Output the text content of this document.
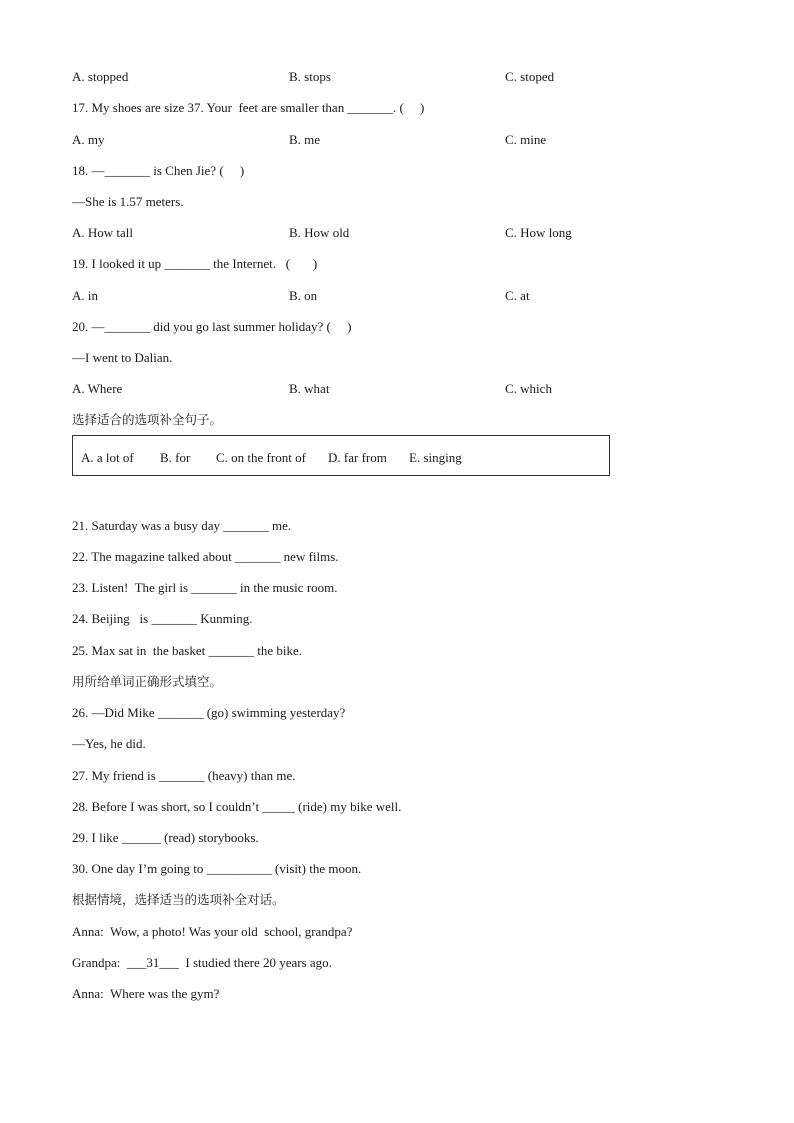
A. stopped	B. stops	C. stoped
17. My shoes are size 37. Your  feet are smaller than _______. (     )
A. my	B. me	C. mine
18. —_______ is Chen Jie? (     )
—She is 1.57 meters.
A. How tall	B. How old	C. How long
19. I looked it up _______ the Internet.   (       )
A. in	B. on	C. at
20. —_______ did you go last summer holiday? (     )
—I went to Dalian.
A. Where	B. what	C. which
选择适合的选项补全句子。
A. a lot of B. for C. on the front of D. far from E. singing
21. Saturday was a busy day _______ me.
22. The magazine talked about _______ new films.
23. Listen!  The girl is _______ in the music room.
24. Beijing   is _______ Kunming.
25. Max sat in  the basket _______ the bike.
用所给单词正确形式填空。
26. —Did Mike _______ (go) swimming yesterday?
—Yes, he did.
27. My friend is _______ (heavy) than me.
28. Before I was short, so I couldn’t _____ (ride) my bike well.
29. I like ______ (read) storybooks.
30. One day I’m going to __________ (visit) the moon.
根据情境，选择适当的选项补全对话。
Anna:  Wow, a photo! Was your old  school, grandpa?
Grandpa:  ___31___  I studied there 20 years ago.
Anna:  Where was the gym?
